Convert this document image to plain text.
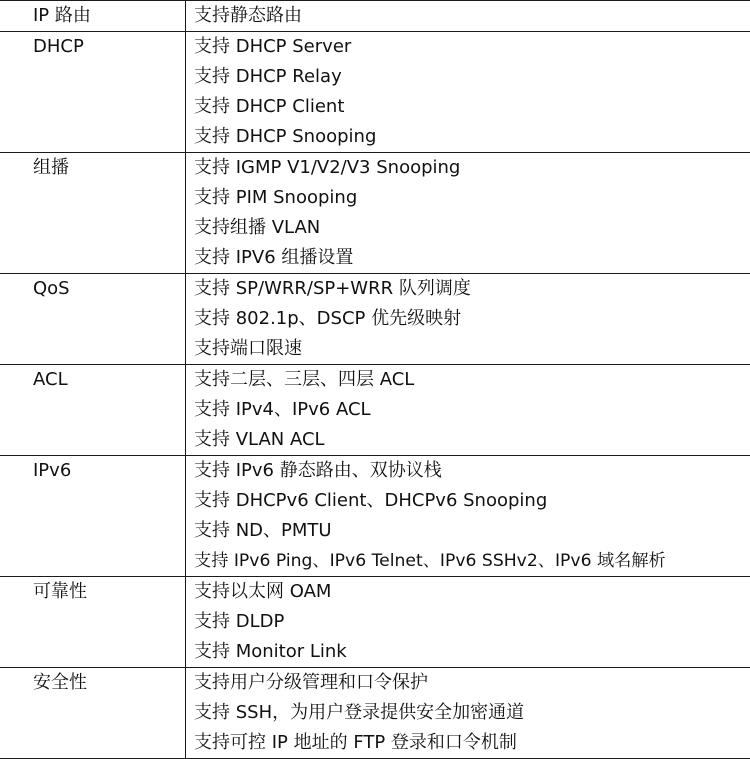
IP 路由	支持静态路由
DHCP	支持 DHCP Server
支持 DHCP Relay
支持 DHCP Client
支持 DHCP Snooping
组播	支持 IGMP V1/V2/V3 Snooping
支持 PIM Snooping
支持组播 VLAN
支持 IPV6 组播设置
QoS	支持 SP/WRR/SP+WRR 队列调度
支持 802.1p、DSCP 优先级映射
支持端口限速
ACL	支持二层、三层、四层 ACL
支持 IPv4、IPv6 ACL
支持 VLAN ACL
IPv6	支持 IPv6 静态路由、双协议栈
支持 DHCPv6 Client、DHCPv6 Snooping
支持 ND、PMTU
支持 IPv6 Ping、IPv6 Telnet、IPv6 SSHv2、IPv6 域名解析
可靠性	支持以太网 OAM
支持 DLDP
支持 Monitor Link
安全性	支持用户分级管理和口令保护
支持 SSH，为用户登录提供安全加密通道
支持可控 IP 地址的 FTP 登录和口令机制
